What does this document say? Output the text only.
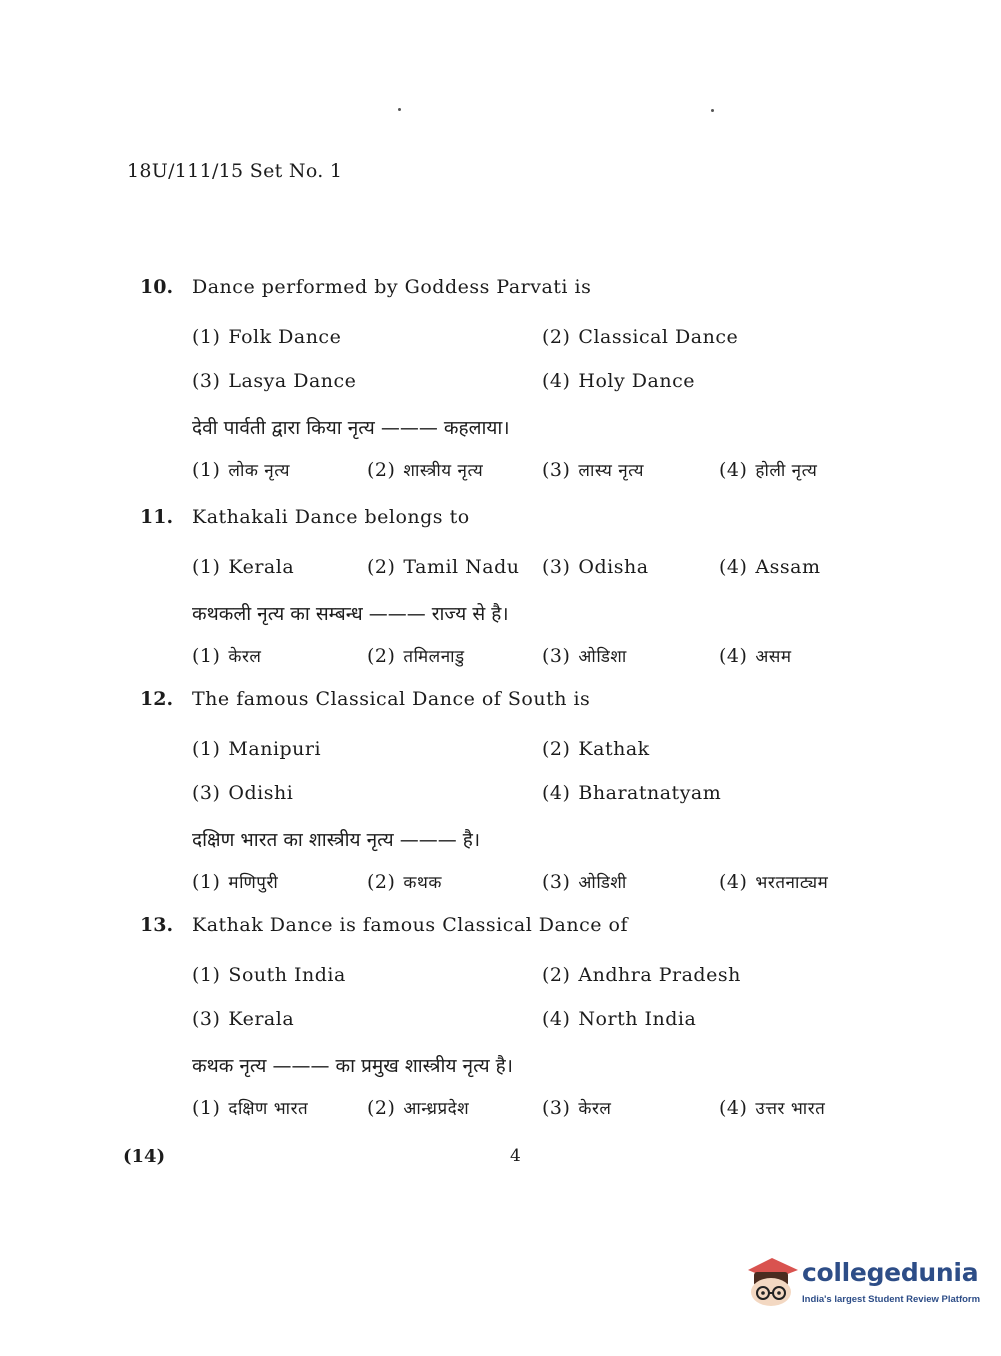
18U/111/15 Set No. 1
10. Dance performed by Goddess Parvati is
(1) Folk Dance	(2) Classical Dance
(3) Lasya Dance	(4) Holy Dance
देवी पार्वती द्वारा किया नृत्य ——— कहलाया।
(1) लोक नृत्य	(2) शास्त्रीय नृत्य	(3) लास्य नृत्य	(4) होली नृत्य
11. Kathakali Dance belongs to
(1) Kerala	(2) Tamil Nadu (3) Odisha	(4) Assam
कथकली नृत्य का सम्बन्ध ——— राज्य से है।
(1) केरल	(2) तमिलनाडु	(3) ओडिशा	(4) असम
12. The famous Classical Dance of South is
(1) Manipuri	(2) Kathak
(3) Odishi	(4) Bharatnatyam
दक्षिण भारत का शास्त्रीय नृत्य ——— है।
(1) मणिपुरी	(2) कथक	(3) ओडिशी	(4) भरतनाट्यम
13. Kathak Dance is famous Classical Dance of
(1) South India	(2) Andhra Pradesh
(3) Kerala	(4) North India
कथक नृत्य ——— का प्रमुख शास्त्रीय नृत्य है।
(1) दक्षिण भारत	(2) आन्ध्रप्रदेश	(3) केरल	(4) उत्तर भारत
(14)	4
collegedunia
India's largest Student Review Platform
